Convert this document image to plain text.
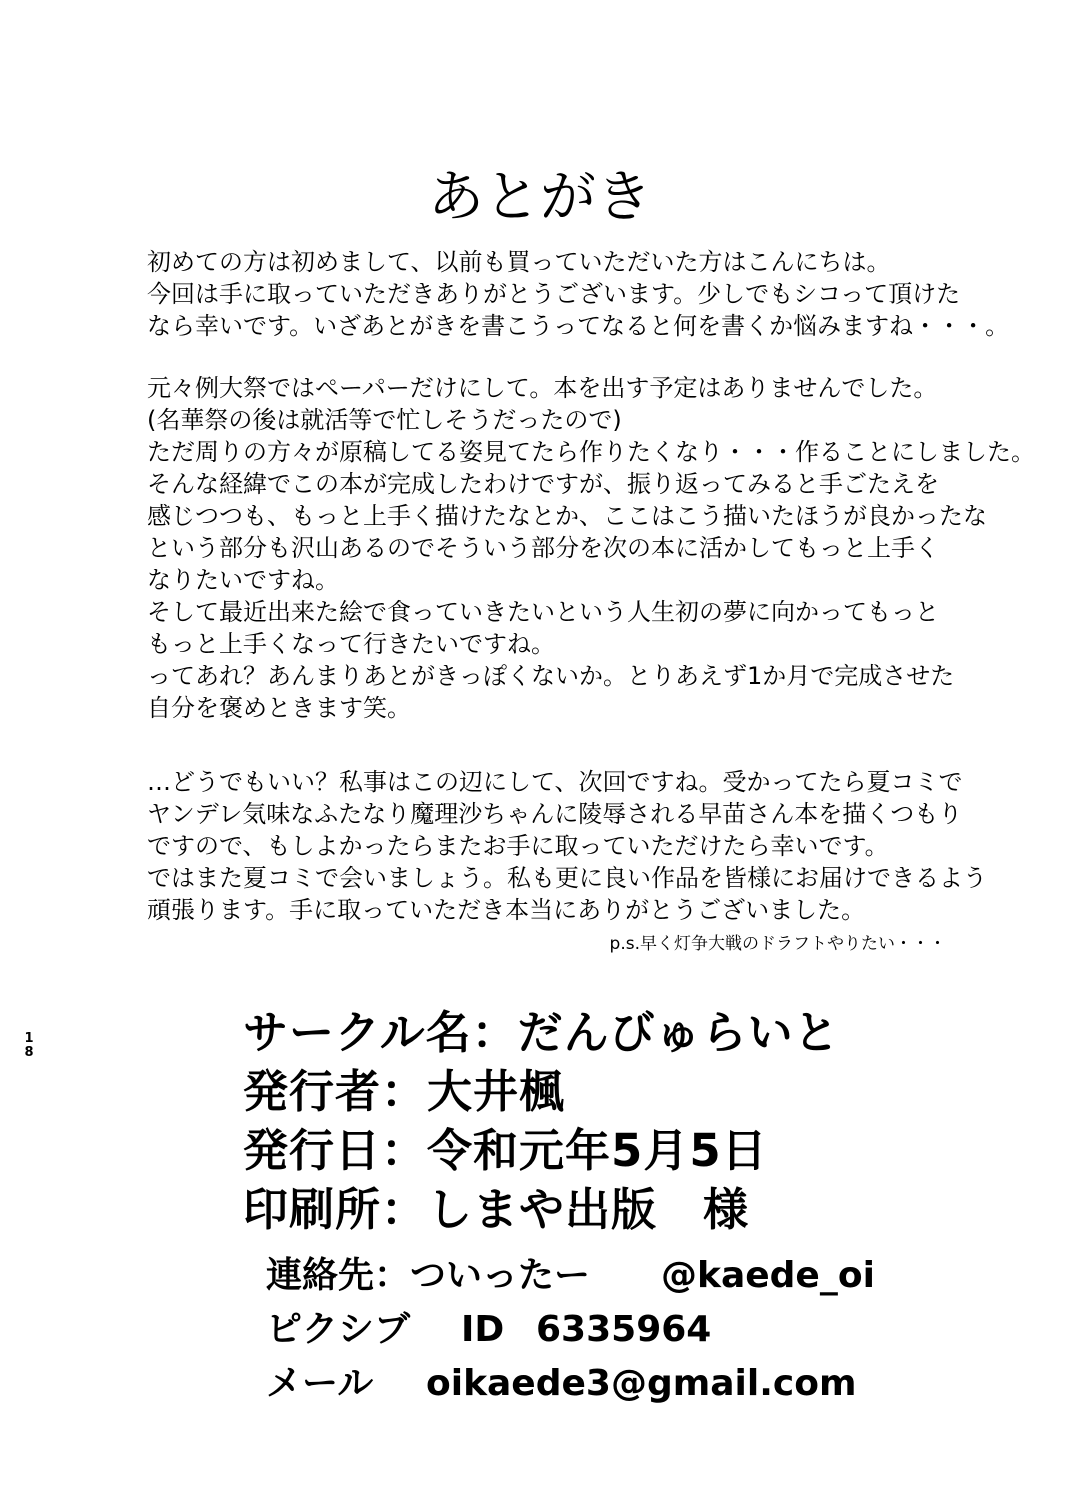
あとがき
初めての方は初めまして、以前も買っていただいた方はこんにちは。
今回は手に取っていただきありがとうございます。少しでもシコって頂けた
なら幸いです。いざあとがきを書こうってなると何を書くか悩みますね・・・。
元々例大祭ではペーパーだけにして。本を出す予定はありませんでした。
(名華祭の後は就活等で忙しそうだったので)
ただ周りの方々が原稿してる姿見てたら作りたくなり・・・作ることにしました。
そんな経緯でこの本が完成したわけですが、振り返ってみると手ごたえを
感じつつも、もっと上手く描けたなとか、ここはこう描いたほうが良かったな
という部分も沢山あるのでそういう部分を次の本に活かしてもっと上手く
なりたいですね。
そして最近出来た絵で食っていきたいという人生初の夢に向かってもっと
もっと上手くなって行きたいですね。
ってあれ？あんまりあとがきっぽくないか。とりあえず1か月で完成させた
自分を褒めときます笑。
…どうでもいい？私事はこの辺にして、次回ですね。受かってたら夏コミで
ヤンデレ気味なふたなり魔理沙ちゃんに陵辱される早苗さん本を描くつもり
ですので、もしよかったらまたお手に取っていただけたら幸いです。
ではまた夏コミで会いましょう。私も更に良い作品を皆様にお届けできるよう
頑張ります。手に取っていただき本当にありがとうございました。
p.s.早く灯争大戦のドラフトやりたい・・・
サークル名：だんびゅらいと
発行者：大井楓
発行日：令和元年5月5日
印刷所：しまや出版　様
連絡先：ついったー	@kaede_oi
ピクシブ	ID 6335964
メール	oikaede3@gmail.com
18
